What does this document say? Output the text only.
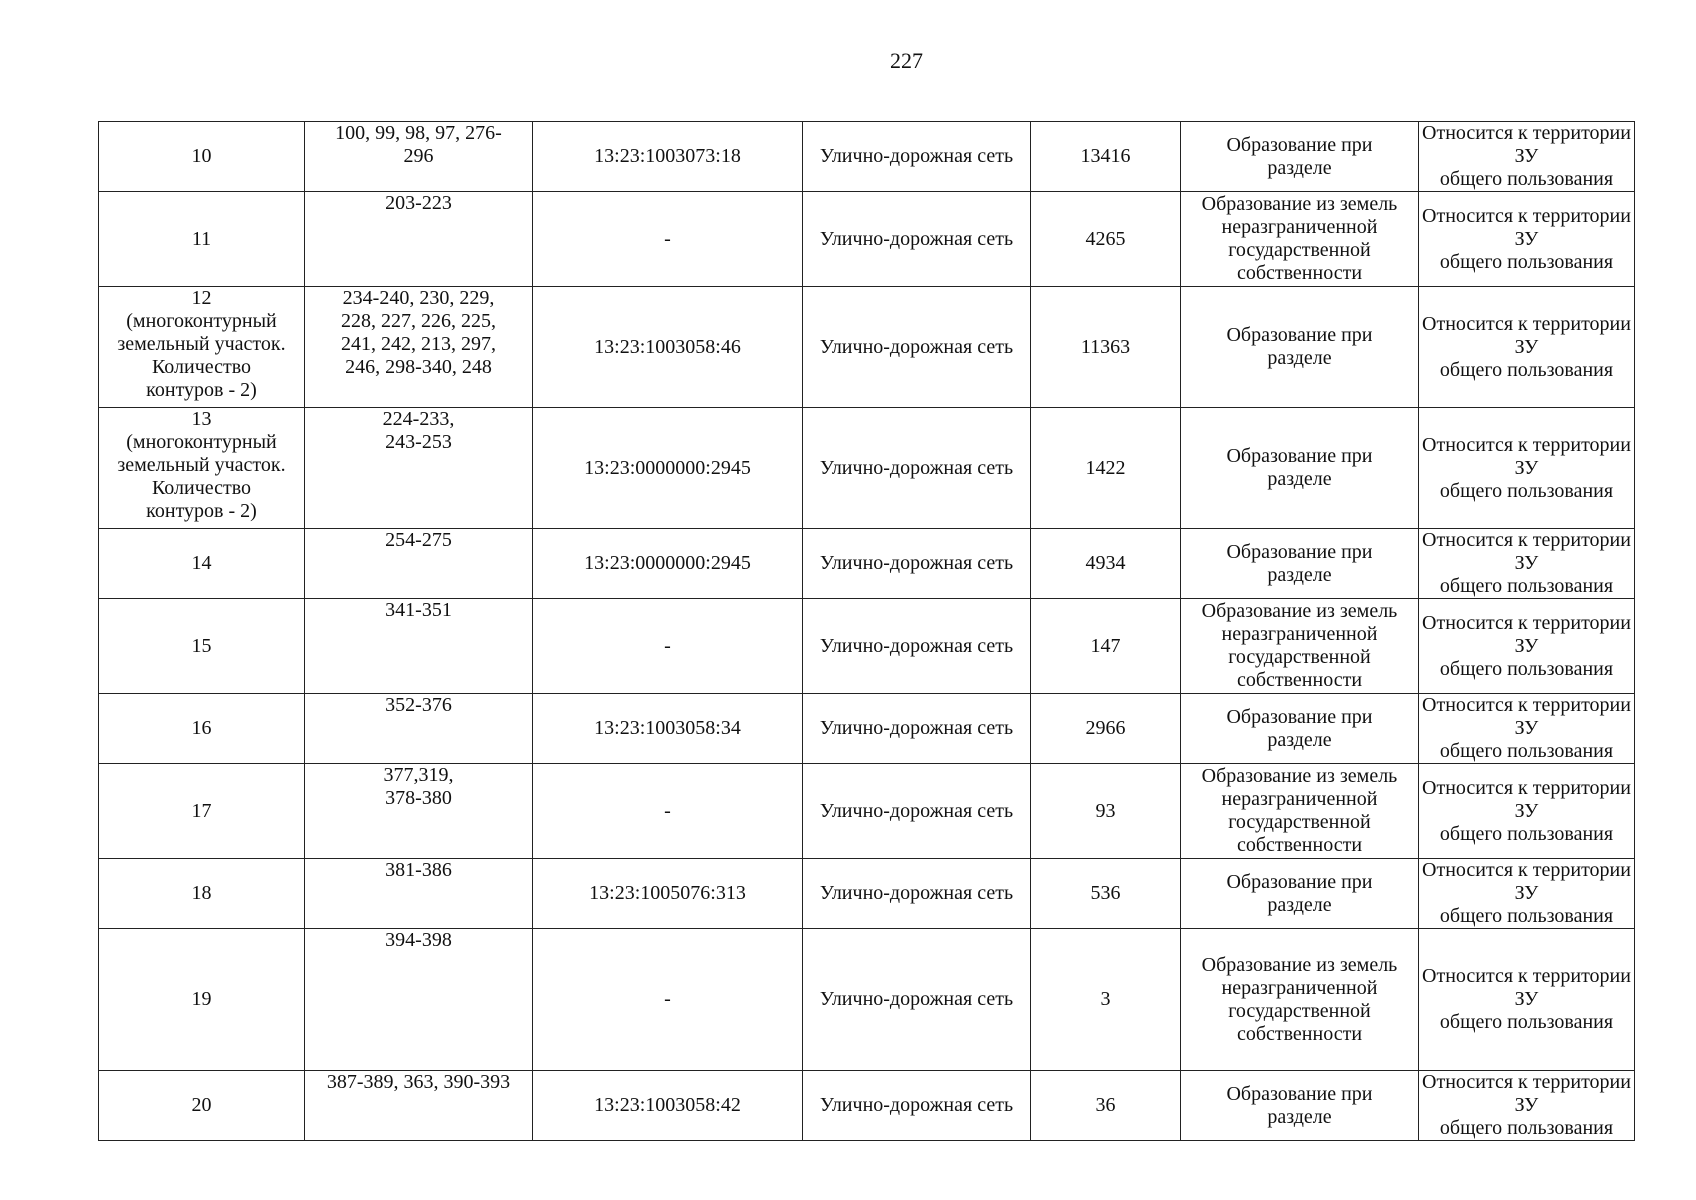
227
10	100, 99, 98, 97, 276-
296	13:23:1003073:18	Улично-дорожная сеть	13416	Образование при
разделе	Относится к территории ЗУ
общего пользования

11	203-223	-	Улично-дорожная сеть	4265	Образование из земель
неразграниченной
государственной
собственности	Относится к территории ЗУ
общего пользования

12
(многоконтурный
земельный участок.
Количество
контуров - 2)	234-240, 230, 229,
228, 227, 226, 225,
241, 242, 213, 297,
246, 298-340, 248	13:23:1003058:46	Улично-дорожная сеть	11363	Образование при
разделе	Относится к территории ЗУ
общего пользования

13
(многоконтурный
земельный участок.
Количество
контуров - 2)	224-233,
243-253	13:23:0000000:2945	Улично-дорожная сеть	1422	Образование при
разделе	Относится к территории ЗУ
общего пользования

14	254-275	13:23:0000000:2945	Улично-дорожная сеть	4934	Образование при
разделе	Относится к территории ЗУ
общего пользования

15	341-351	-	Улично-дорожная сеть	147	Образование из земель
неразграниченной
государственной
собственности	Относится к территории ЗУ
общего пользования

16	352-376	13:23:1003058:34	Улично-дорожная сеть	2966	Образование при
разделе	Относится к территории ЗУ
общего пользования

17	377,319,
378-380	-	Улично-дорожная сеть	93	Образование из земель
неразграниченной
государственной
собственности	Относится к территории ЗУ
общего пользования

18	381-386	13:23:1005076:313	Улично-дорожная сеть	536	Образование при
разделе	Относится к территории ЗУ
общего пользования

19	394-398	-	Улично-дорожная сеть	3	Образование из земель
неразграниченной
государственной
собственности	Относится к территории ЗУ
общего пользования

20	387-389, 363, 390-393	13:23:1003058:42	Улично-дорожная сеть	36	Образование при
разделе	Относится к территории ЗУ
общего пользования
